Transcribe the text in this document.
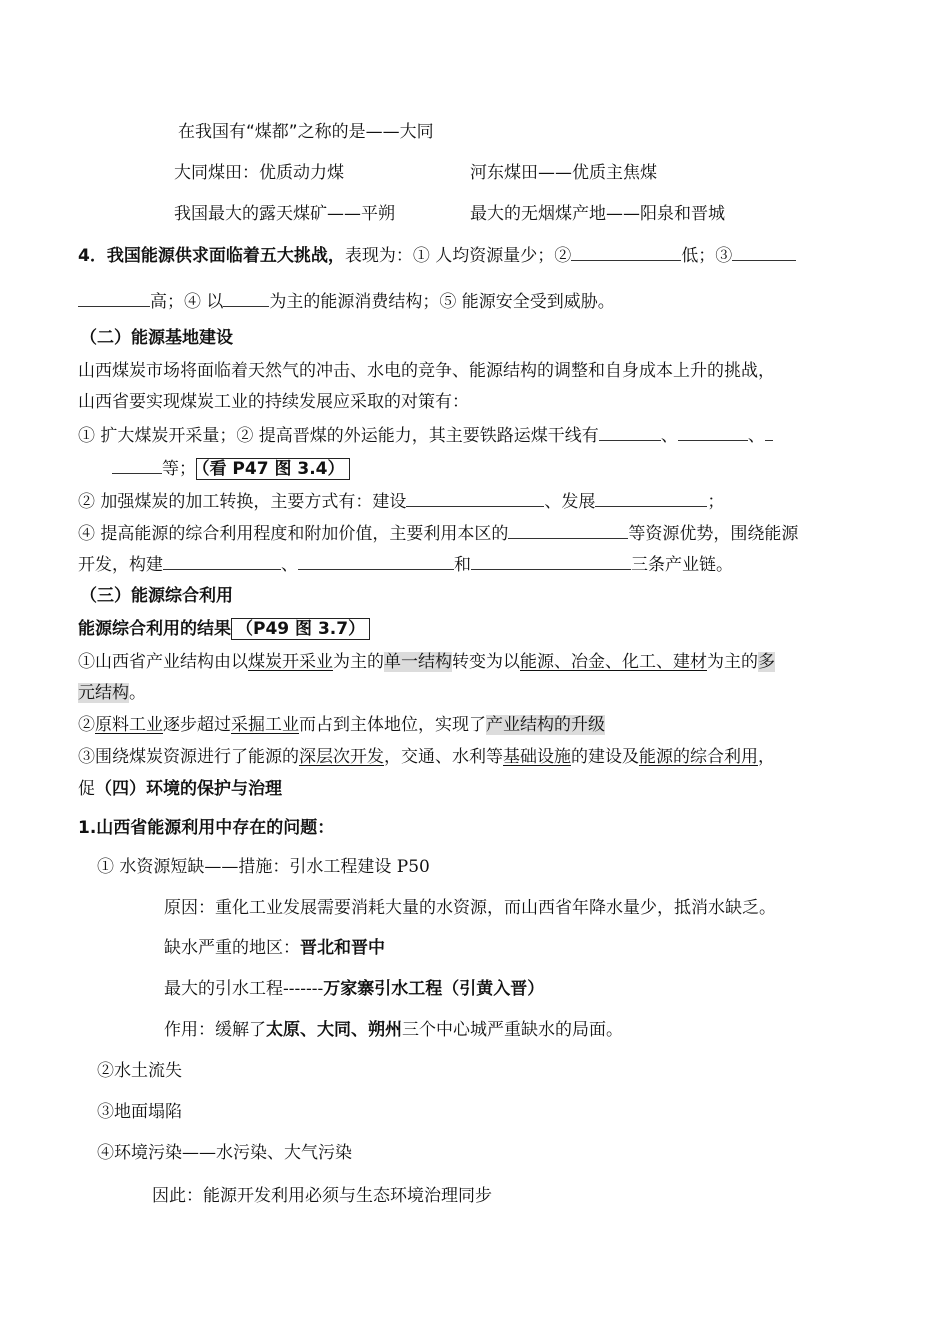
在我国有“煤都”之称的是——大同
大同煤田：优质动力煤	河东煤田——优质主焦煤
我国最大的露天煤矿——平朔	最大的无烟煤产地——阳泉和晋城
4．我国能源供求面临着五大挑战，表现为：① 人均资源量少；②	低；③
高；④ 以	为主的能源消费结构；⑤ 能源安全受到威胁。
（二）能源基地建设
山西煤炭市场将面临着天然气的冲击、水电的竞争、能源结构的调整和自身成本上升的挑战，
山西省要实现煤炭工业的持续发展应采取的对策有：
① 扩大煤炭开采量；② 提高晋煤的外运能力，其主要铁路运煤干线有	、	、
等； （看 P47 图 3.4）
② 加强煤炭的加工转换，主要方式有：建设	、发展	；
④ 提高能源的综合利用程度和附加价值，主要利用本区的	等资源优势，围绕能源
开发，构建	、	和	三条产业链。
（三）能源综合利用
能源综合利用的结果 （P49 图 3.7）
①山西省产业结构由以煤炭开采业为主的单一结构转变为以能源、冶金、化工、建材为主的多
元结构。
②原料工业逐步超过采掘工业而占到主体地位，实现了产业结构的升级
③围绕煤炭资源进行了能源的深层次开发，交通、水利等基础设施的建设及能源的综合利用，
促（四）环境的保护与治理
1.山西省能源利用中存在的问题：
① 水资源短缺——措施：引水工程建设 P50
原因：重化工业发展需要消耗大量的水资源，而山西省年降水量少，抵消水缺乏。
缺水严重的地区：晋北和晋中
最大的引水工程-------万家寨引水工程（引黄入晋）
作用：缓解了太原、大同、朔州三个中心城严重缺水的局面。
②水土流失
③地面塌陷
④环境污染——水污染、大气污染
因此：能源开发利用必须与生态环境治理同步
